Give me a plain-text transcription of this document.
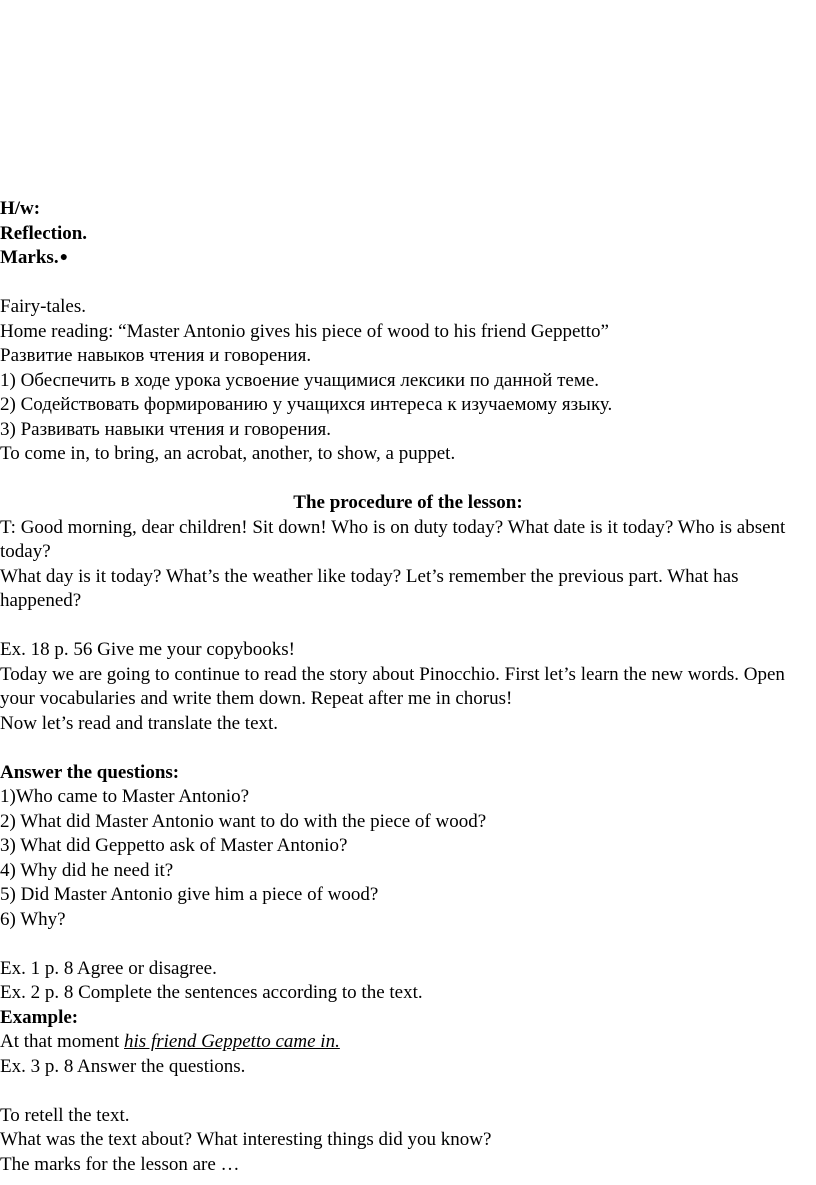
H/w:
Reflection.
Marks.●
Fairy-tales.
Home reading: “Master Antonio gives his piece of wood to his friend Geppetto”
Развитие навыков чтения и говорения.
1) Обеспечить в ходе урока усвоение учащимися лексики по данной теме.
2) Содействовать формированию у учащихся интереса к изучаемому языку.
3) Развивать навыки чтения и говорения.
To come in, to bring, an acrobat, another, to show, a puppet.
The procedure of the lesson:
T: Good morning, dear children! Sit down! Who is on duty today? What date is it today? Who is absent today?
What day is it today? What’s the weather like today? Let’s remember the previous part. What has happened?
Ex. 18 p. 56 Give me your copybooks!
Today we are going to continue to read the story about Pinocchio. First let’s learn the new words. Open your vocabularies and write them down. Repeat after me in chorus!
Now let’s read and translate the text.
Answer the questions:
1)Who came to Master Antonio?
2) What did Master Antonio want to do with the piece of wood?
3) What did Geppetto ask of Master Antonio?
4) Why did he need it?
5) Did Master Antonio give him a piece of wood?
6) Why?
Ex. 1 p. 8 Agree or disagree.
Ex. 2 p. 8 Complete the sentences according to the text.
Example:
At that moment his friend Geppetto came in.
Ex. 3 p. 8 Answer the questions.
To retell the text.
What was the text about? What interesting things did you know?
The marks for the lesson are …
